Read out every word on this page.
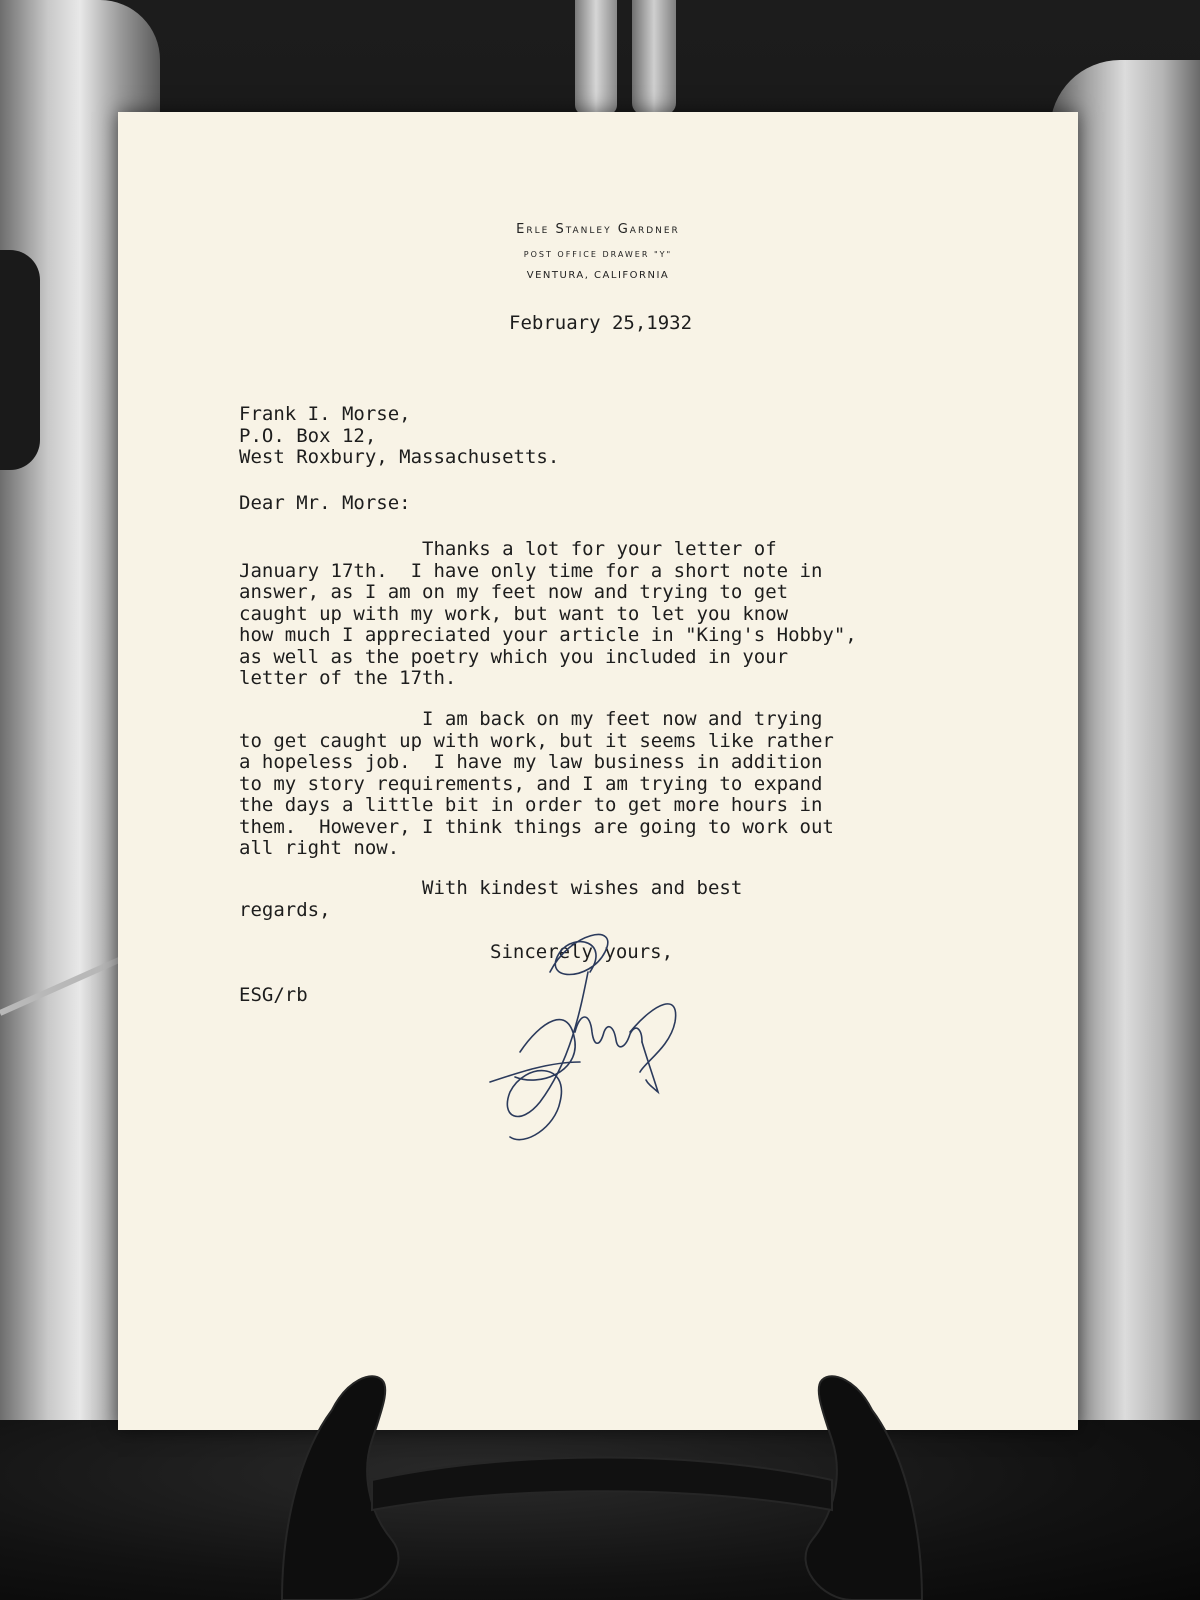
Erle Stanley Gardner
POST OFFICE DRAWER "Y"
VENTURA, CALIFORNIA
February 25,1932
Frank I. Morse,
P.O. Box 12,
West Roxbury, Massachusetts.
Dear Mr. Morse:
Thanks a lot for your letter of
January 17th.  I have only time for a short note in
answer, as I am on my feet now and trying to get
caught up with my work, but want to let you know
how much I appreciated your article in "King's Hobby",
as well as the poetry which you included in your
letter of the 17th.
I am back on my feet now and trying
to get caught up with work, but it seems like rather
a hopeless job.  I have my law business in addition
to my story requirements, and I am trying to expand
the days a little bit in order to get more hours in
them.  However, I think things are going to work out
all right now.
With kindest wishes and best
regards,
Sincerely yours,
ESG/rb
